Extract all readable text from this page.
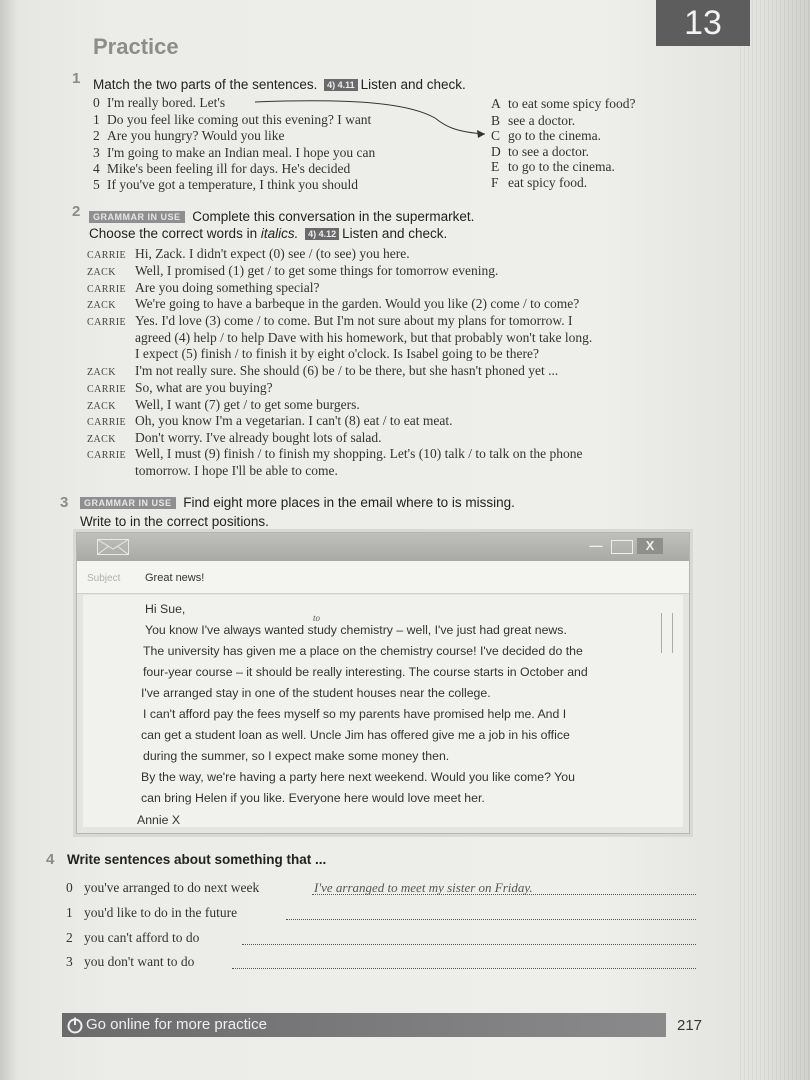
13
Practice
1 Match the two parts of the sentences. 4) 4.11 Listen and check.
0 I'm really bored. Let's
1 Do you feel like coming out this evening? I want
2 Are you hungry? Would you like
3 I'm going to make an Indian meal. I hope you can
4 Mike's been feeling ill for days. He's decided
5 If you've got a temperature, I think you should
A to eat some spicy food?
B see a doctor.
C go to the cinema.
D to see a doctor.
E to go to the cinema.
F eat spicy food.
2	GRAMMAR IN USE Complete this conversation in the supermarket.
Choose the correct words in italics. 4) 4.12 Listen and check.
CARRIE Hi, Zack. I didn't expect (0) see / (to see) you here.
ZACK Well, I promised (1) get / to get some things for tomorrow evening.
CARRIE Are you doing something special?
ZACK We're going to have a barbeque in the garden. Would you like (2) come / to come?
CARRIE Yes. I'd love (3) come / to come. But I'm not sure about my plans for tomorrow. I
agreed (4) help / to help Dave with his homework, but that probably won't take long.
I expect (5) finish / to finish it by eight o'clock. Is Isabel going to be there?
ZACK I'm not really sure. She should (6) be / to be there, but she hasn't phoned yet ...
CARRIE So, what are you buying?
ZACK Well, I want (7) get / to get some burgers.
CARRIE Oh, you know I'm a vegetarian. I can't (8) eat / to eat meat.
ZACK Don't worry. I've already bought lots of salad.
CARRIE Well, I must (9) finish / to finish my shopping. Let's (10) talk / to talk on the phone
tomorrow. I hope I'll be able to come.
3	GRAMMAR IN USE Find eight more places in the email where to is missing.
Write to in the correct positions.
—	X
Subject Great news!
Hi Sue,
You know I've always wanted study chemistry – well, I've just had great news.
The university has given me a place on the chemistry course! I've decided do the
four-year course – it should be really interesting. The course starts in October and
I've arranged stay in one of the student houses near the college.
I can't afford pay the fees myself so my parents have promised help me. And I
can get a student loan as well. Uncle Jim has offered give me a job in his office
during the summer, so I expect make some money then.
By the way, we're having a party here next weekend. Would you like come? You
can bring Helen if you like. Everyone here would love meet her.
Annie X
to
4 Write sentences about something that ...
0 you've arranged to do next week	I've arranged to meet my sister on Friday.
1 you'd like to do in the future
2 you can't afford to do
3 you don't want to do
Go online for more practice	217
